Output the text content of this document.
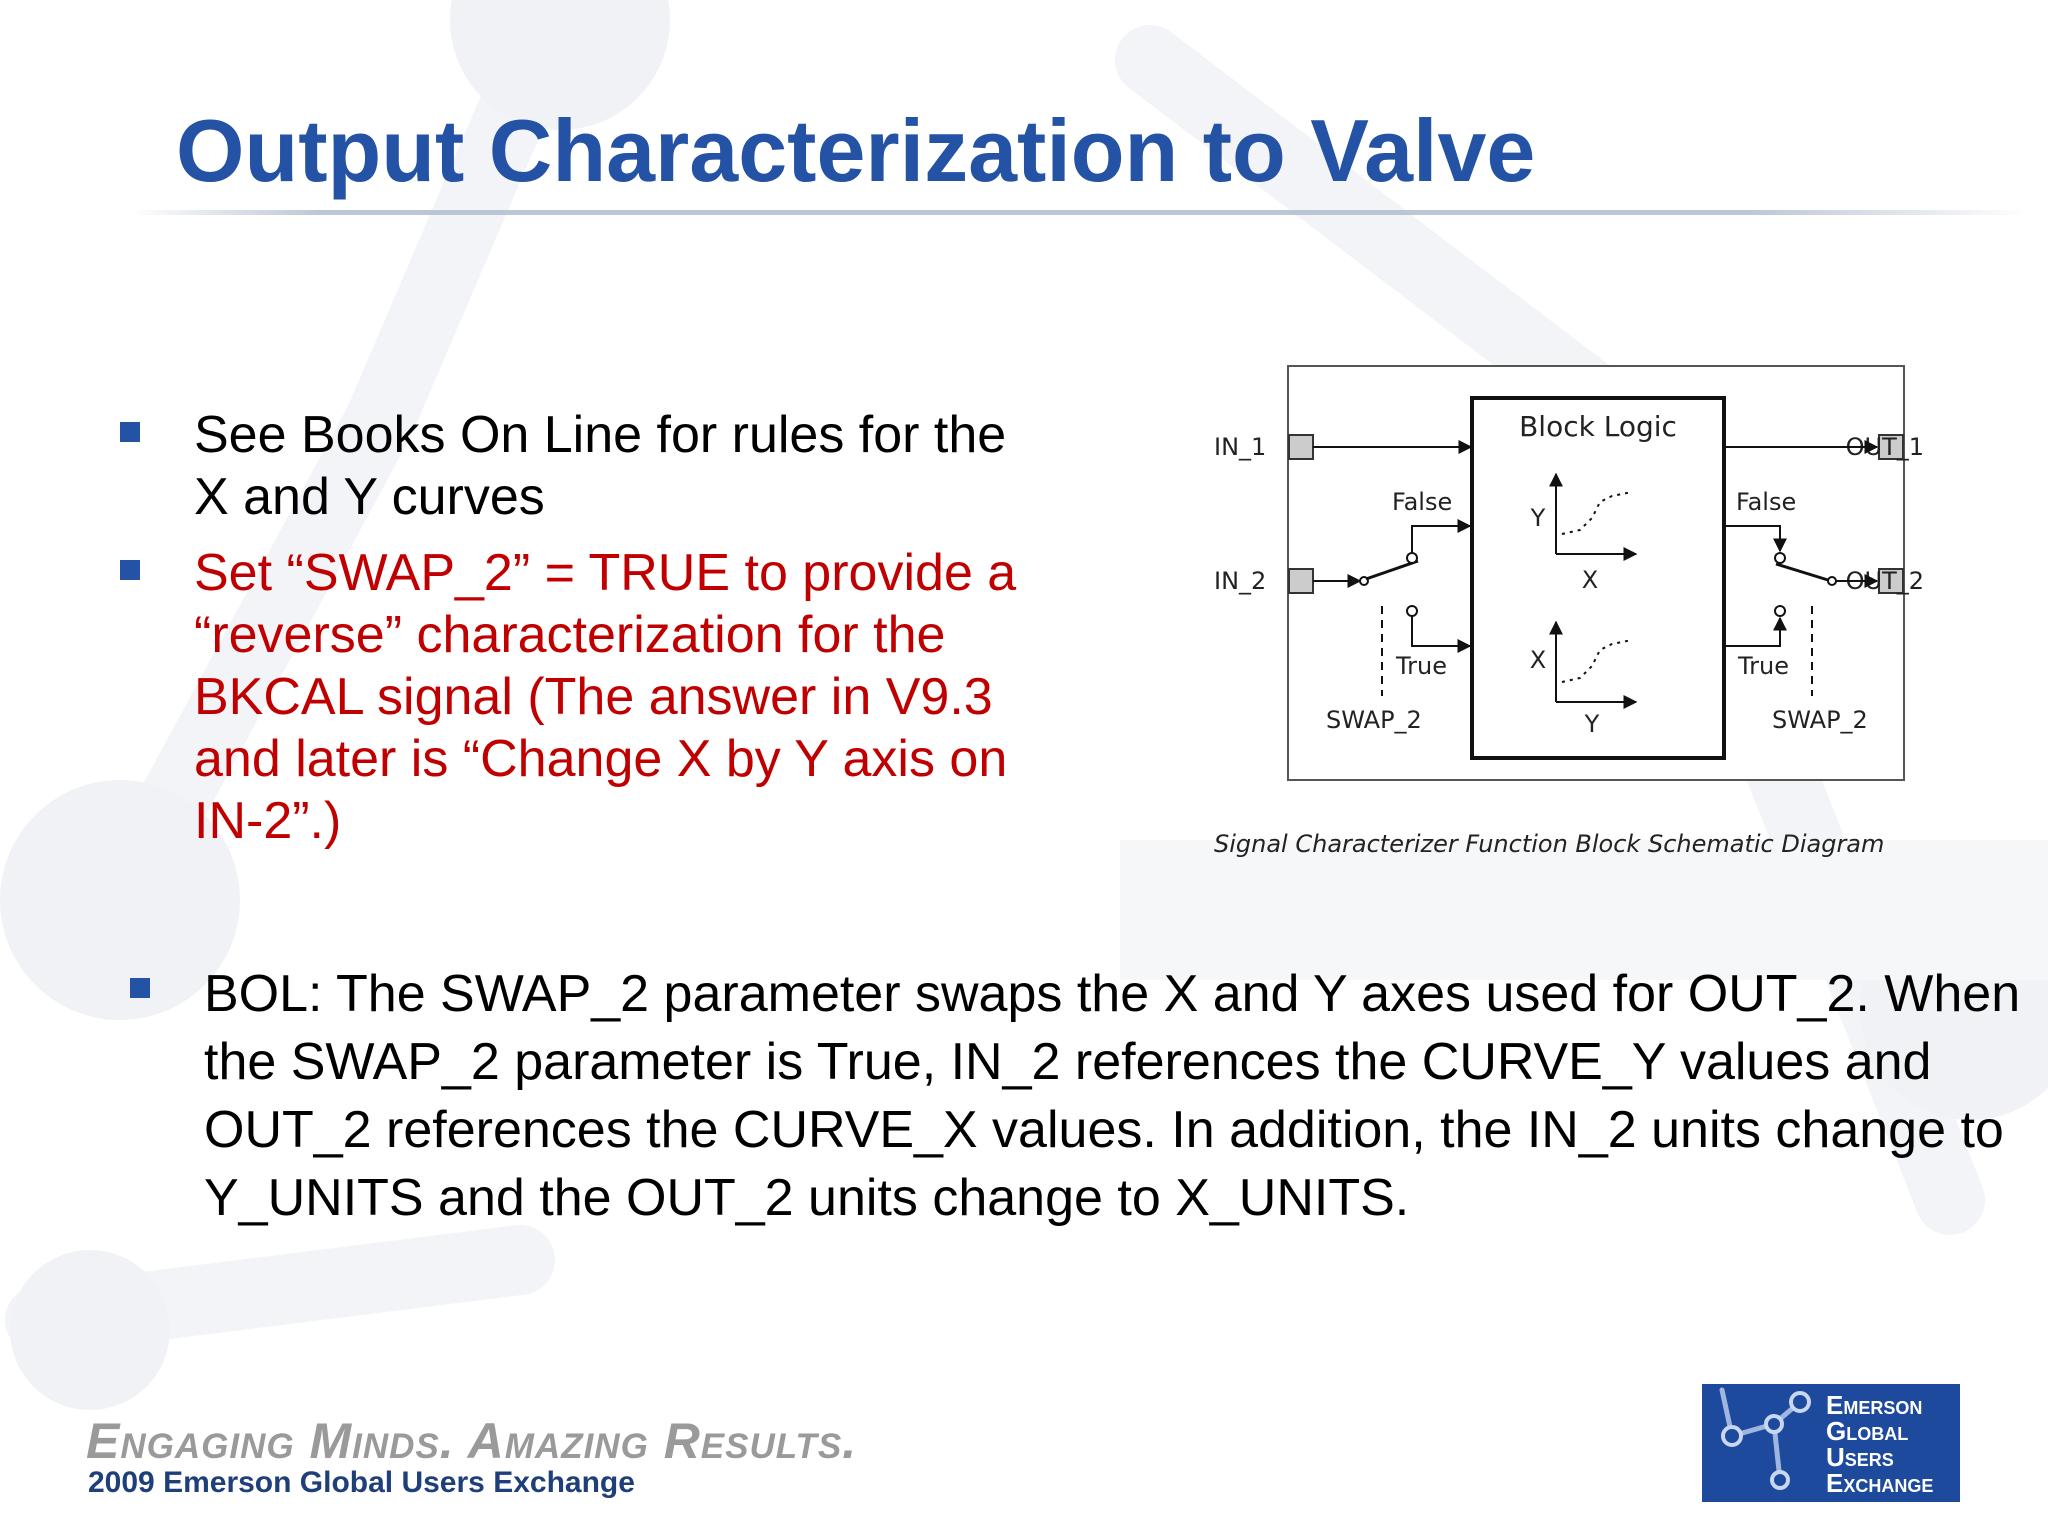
Output Characterization to Valve
See Books On Line for rules for the X and Y curves
Set “SWAP_2” = TRUE to provide a “reverse” characterization for the BKCAL signal (The answer in V9.3 and later is “Change X by Y axis on IN-2”.)
Block Logic
IN_1
IN_2
OUT_1
OUT_2
False
True
SWAP_2
False
True
SWAP_2
Y
X
X
Y
Signal Characterizer Function Block Schematic Diagram
BOL: The SWAP_2 parameter swaps the X and Y axes used for OUT_2. When the SWAP_2 parameter is True, IN_2 references the CURVE_Y values and OUT_2 references the CURVE_X values. In addition, the IN_2 units change to Y_UNITS and the OUT_2 units change to X_UNITS.
Engaging Minds. Amazing Results.
2009 Emerson Global Users Exchange
Emerson
Global
Users
Exchange
